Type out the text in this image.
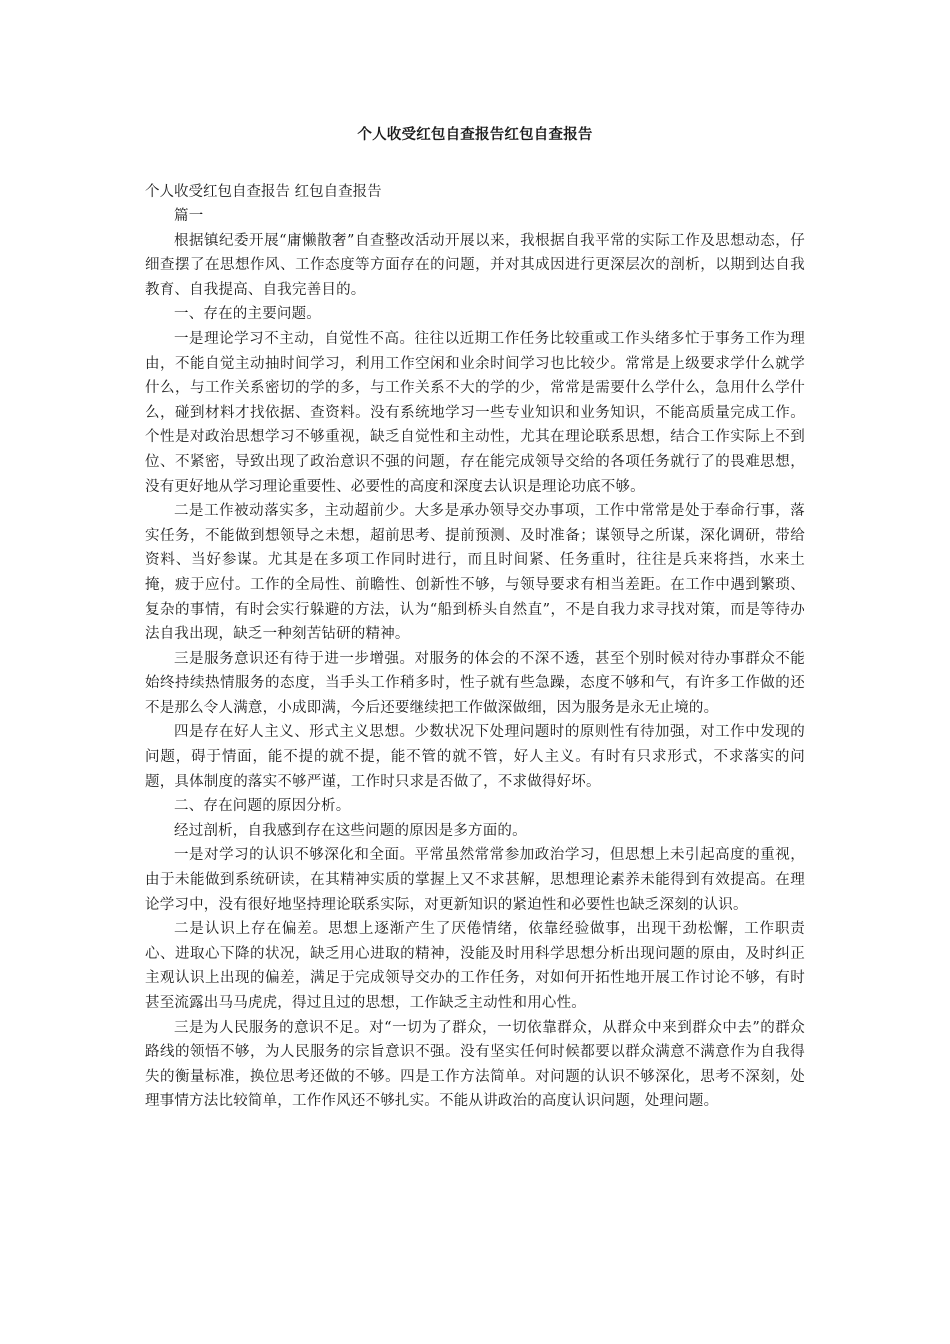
个人收受红包自查报告红包自查报告

个人收受红包自查报告 红包自查报告

篇一

根据镇纪委开展“庸懒散奢”自查整改活动开展以来，我根据自我平常的实际工作及思想动态，仔细查摆了在思想作风、工作态度等方面存在的问题，并对其成因进行更深层次的剖析，以期到达自我教育、自我提高、自我完善目的。

一、存在的主要问题。

一是理论学习不主动，自觉性不高。往往以近期工作任务比较重或工作头绪多忙于事务工作为理由，不能自觉主动抽时间学习，利用工作空闲和业余时间学习也比较少。常常是上级要求学什么就学什么，与工作关系密切的学的多，与工作关系不大的学的少，常常是需要什么学什么，急用什么学什么，碰到材料才找依据、查资料。没有系统地学习一些专业知识和业务知识，不能高质量完成工作。个性是对政治思想学习不够重视，缺乏自觉性和主动性，尤其在理论联系思想，结合工作实际上不到位、不紧密，导致出现了政治意识不强的问题，存在能完成领导交给的各项任务就行了的畏难思想，没有更好地从学习理论重要性、必要性的高度和深度去认识是理论功底不够。

二是工作被动落实多，主动超前少。大多是承办领导交办事项，工作中常常是处于奉命行事，落实任务，不能做到想领导之未想，超前思考、提前预测、及时准备；谋领导之所谋，深化调研，带给资料、当好参谋。尤其是在多项工作同时进行，而且时间紧、任务重时，往往是兵来将挡，水来土掩，疲于应付。工作的全局性、前瞻性、创新性不够，与领导要求有相当差距。在工作中遇到繁琐、复杂的事情，有时会实行躲避的方法，认为“船到桥头自然直”，不是自我力求寻找对策，而是等待办法自我出现，缺乏一种刻苦钻研的精神。

三是服务意识还有待于进一步增强。对服务的体会的不深不透，甚至个别时候对待办事群众不能始终持续热情服务的态度，当手头工作稍多时，性子就有些急躁，态度不够和气，有许多工作做的还不是那么令人满意，小成即满，今后还要继续把工作做深做细，因为服务是永无止境的。

四是存在好人主义、形式主义思想。少数状况下处理问题时的原则性有待加强，对工作中发现的问题，碍于情面，能不提的就不提，能不管的就不管，好人主义。有时有只求形式，不求落实的问题，具体制度的落实不够严谨，工作时只求是否做了，不求做得好坏。

二、存在问题的原因分析。

经过剖析，自我感到存在这些问题的原因是多方面的。

一是对学习的认识不够深化和全面。平常虽然常常参加政治学习，但思想上未引起高度的重视，由于未能做到系统研读，在其精神实质的掌握上又不求甚解，思想理论素养未能得到有效提高。在理论学习中，没有很好地坚持理论联系实际，对更新知识的紧迫性和必要性也缺乏深刻的认识。

二是认识上存在偏差。思想上逐渐产生了厌倦情绪，依靠经验做事，出现干劲松懈，工作职责心、进取心下降的状况，缺乏用心进取的精神，没能及时用科学思想分析出现问题的原由，及时纠正主观认识上出现的偏差，满足于完成领导交办的工作任务，对如何开拓性地开展工作讨论不够，有时甚至流露出马马虎虎，得过且过的思想，工作缺乏主动性和用心性。

三是为人民服务的意识不足。对“一切为了群众，一切依靠群众，从群众中来到群众中去”的群众路线的领悟不够，为人民服务的宗旨意识不强。没有坚实任何时候都要以群众满意不满意作为自我得失的衡量标准，换位思考还做的不够。四是工作方法简单。对问题的认识不够深化，思考不深刻，处理事情方法比较简单，工作作风还不够扎实。不能从讲政治的高度认识问题，处理问题。
